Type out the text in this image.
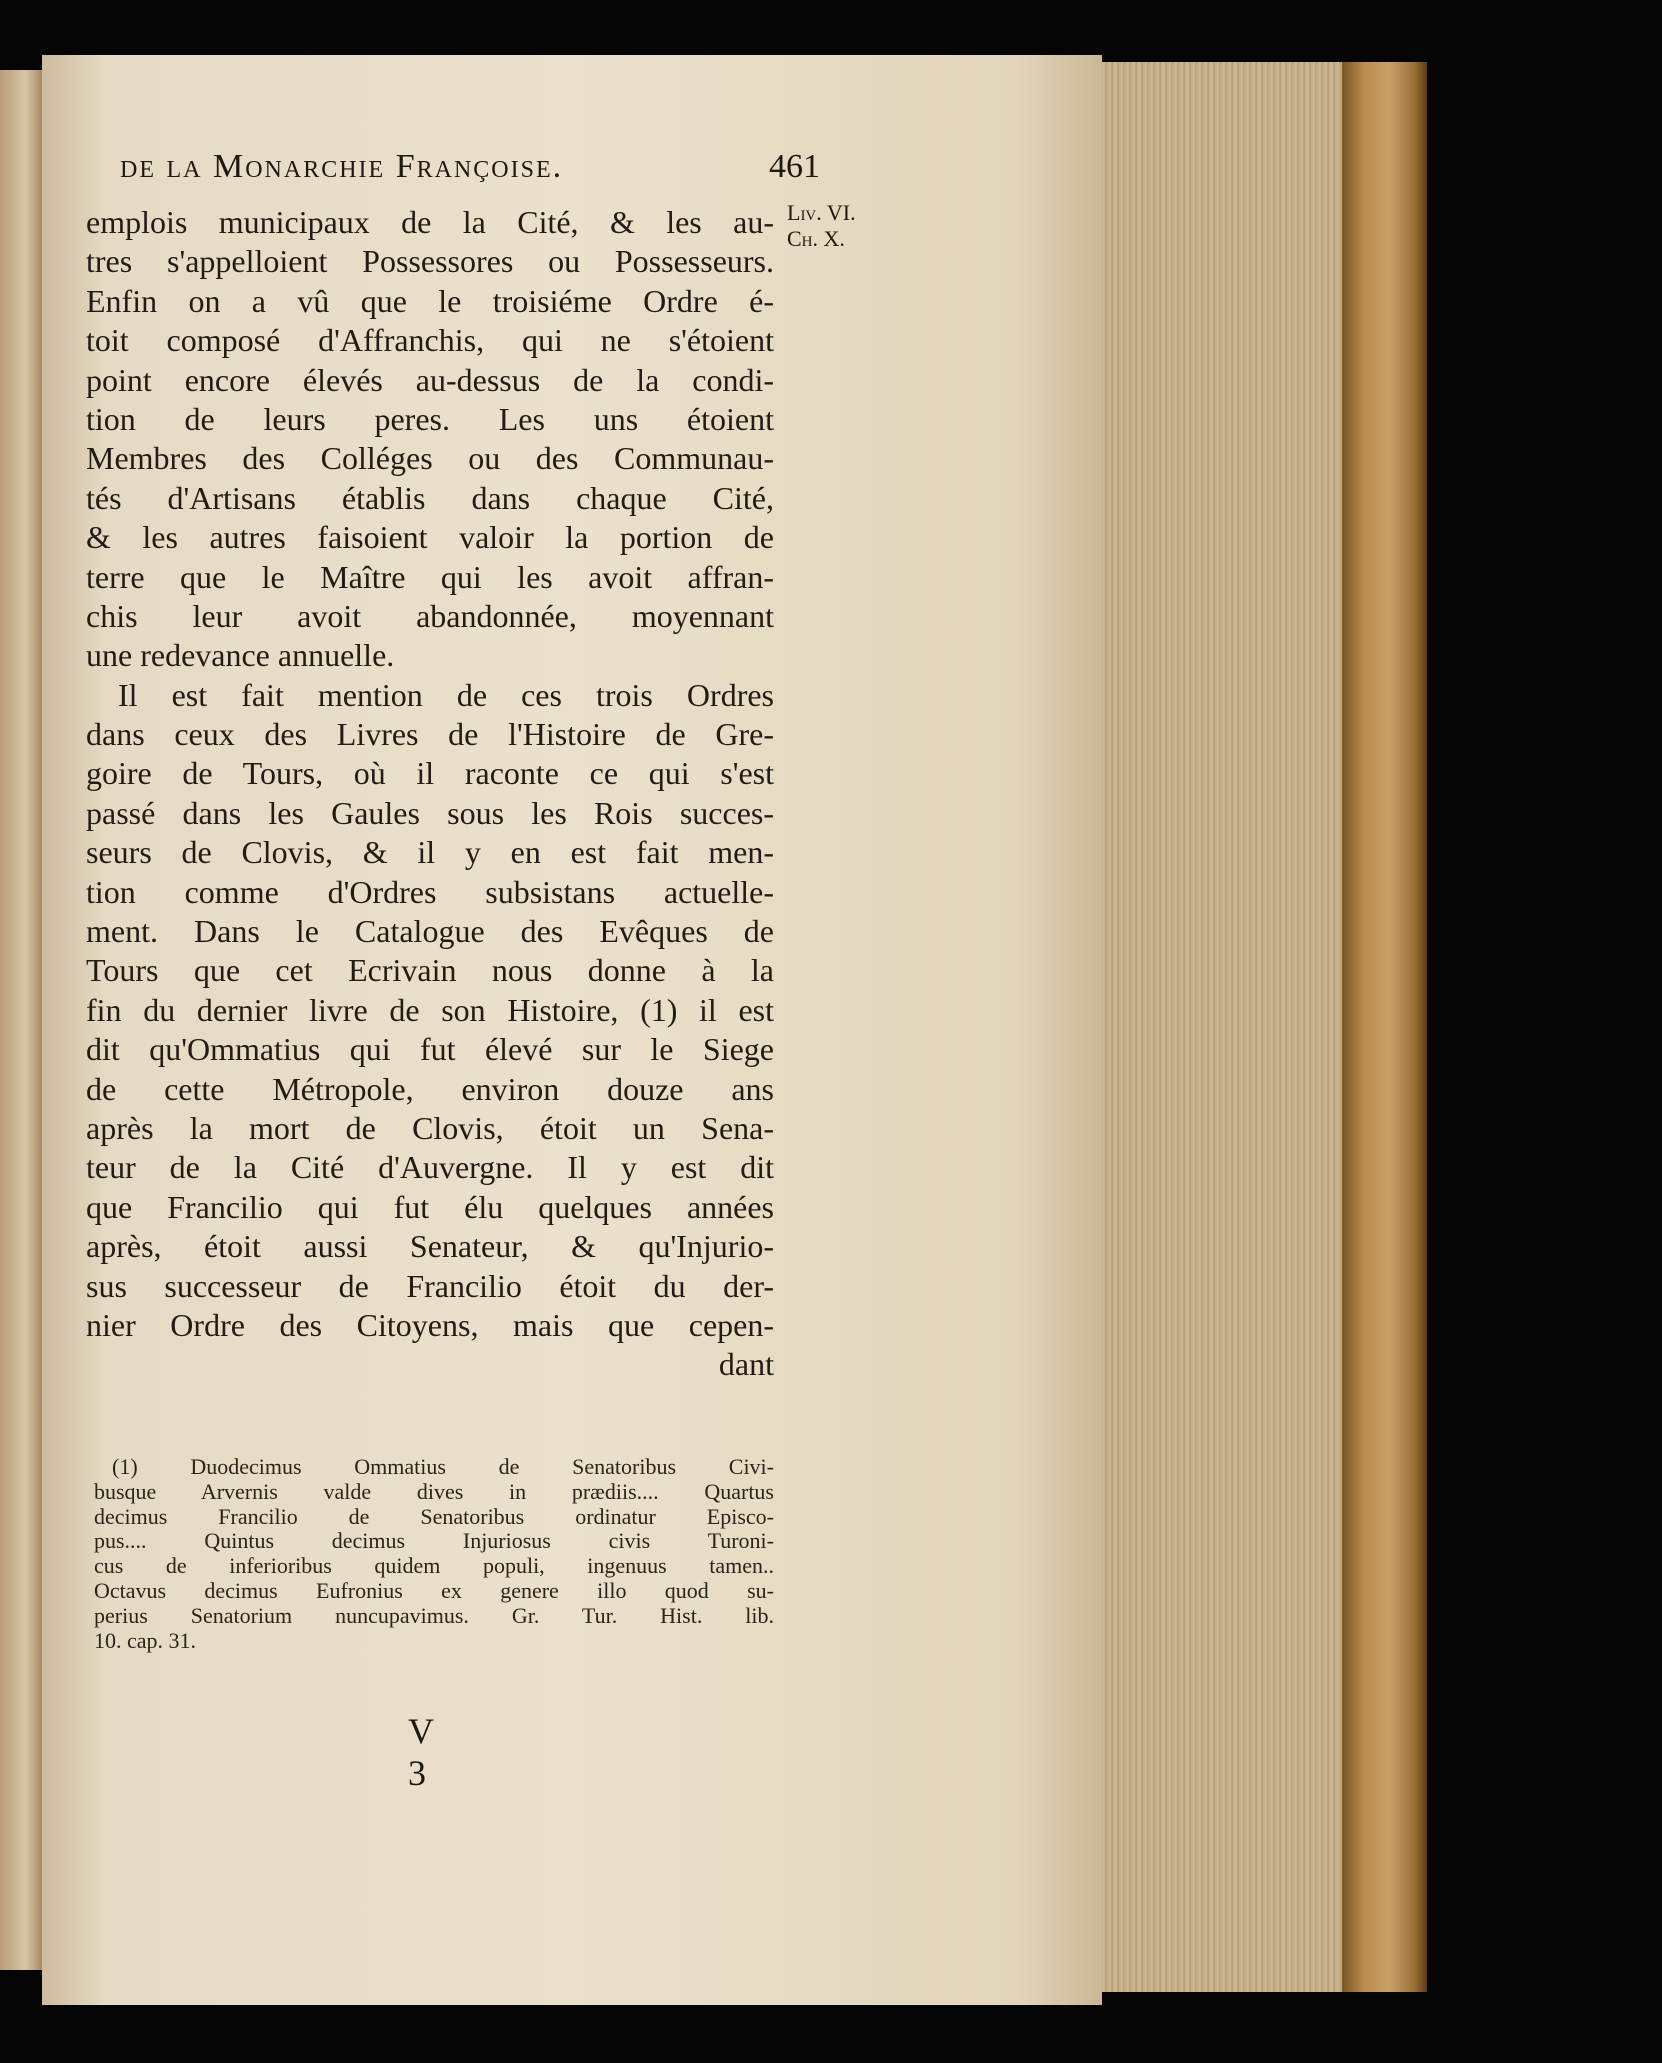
de la Monarchie Françoise.	461
Liv. VI.
Ch. X.
emplois municipaux de la Cité, & les au-
tres s'appelloient Possessores ou Possesseurs.
Enfin on a vû que le troisiéme Ordre é-
toit composé d'Affranchis, qui ne s'étoient
point encore élevés au-dessus de la condi-
tion de leurs peres. Les uns étoient
Membres des Colléges ou des Communau-
tés d'Artisans établis dans chaque Cité,
& les autres faisoient valoir la portion de
terre que le Maître qui les avoit affran-
chis leur avoit abandonnée, moyennant
une redevance annuelle.
Il est fait mention de ces trois Ordres
dans ceux des Livres de l'Histoire de Gre-
goire de Tours, où il raconte ce qui s'est
passé dans les Gaules sous les Rois succes-
seurs de Clovis, & il y en est fait men-
tion comme d'Ordres subsistans actuelle-
ment. Dans le Catalogue des Evêques de
Tours que cet Ecrivain nous donne à la
fin du dernier livre de son Histoire, (1) il est
dit qu'Ommatius qui fut élevé sur le Siege
de cette Métropole, environ douze ans
après la mort de Clovis, étoit un Sena-
teur de la Cité d'Auvergne. Il y est dit
que Francilio qui fut élu quelques années
après, étoit aussi Senateur, & qu'Injurio-
sus successeur de Francilio étoit du der-
nier Ordre des Citoyens, mais que cepen-
dant
(1) Duodecimus Ommatius de Senatoribus Civi-
busque Arvernis valde dives in prædiis.... Quartus
decimus Francilio de Senatoribus ordinatur Episco-
pus.... Quintus decimus Injuriosus civis Turoni-
cus de inferioribus quidem populi, ingenuus tamen..
Octavus decimus Eufronius ex genere illo quod su-
perius Senatorium nuncupavimus. Gr. Tur. Hist. lib.
10. cap. 31.
V 3
